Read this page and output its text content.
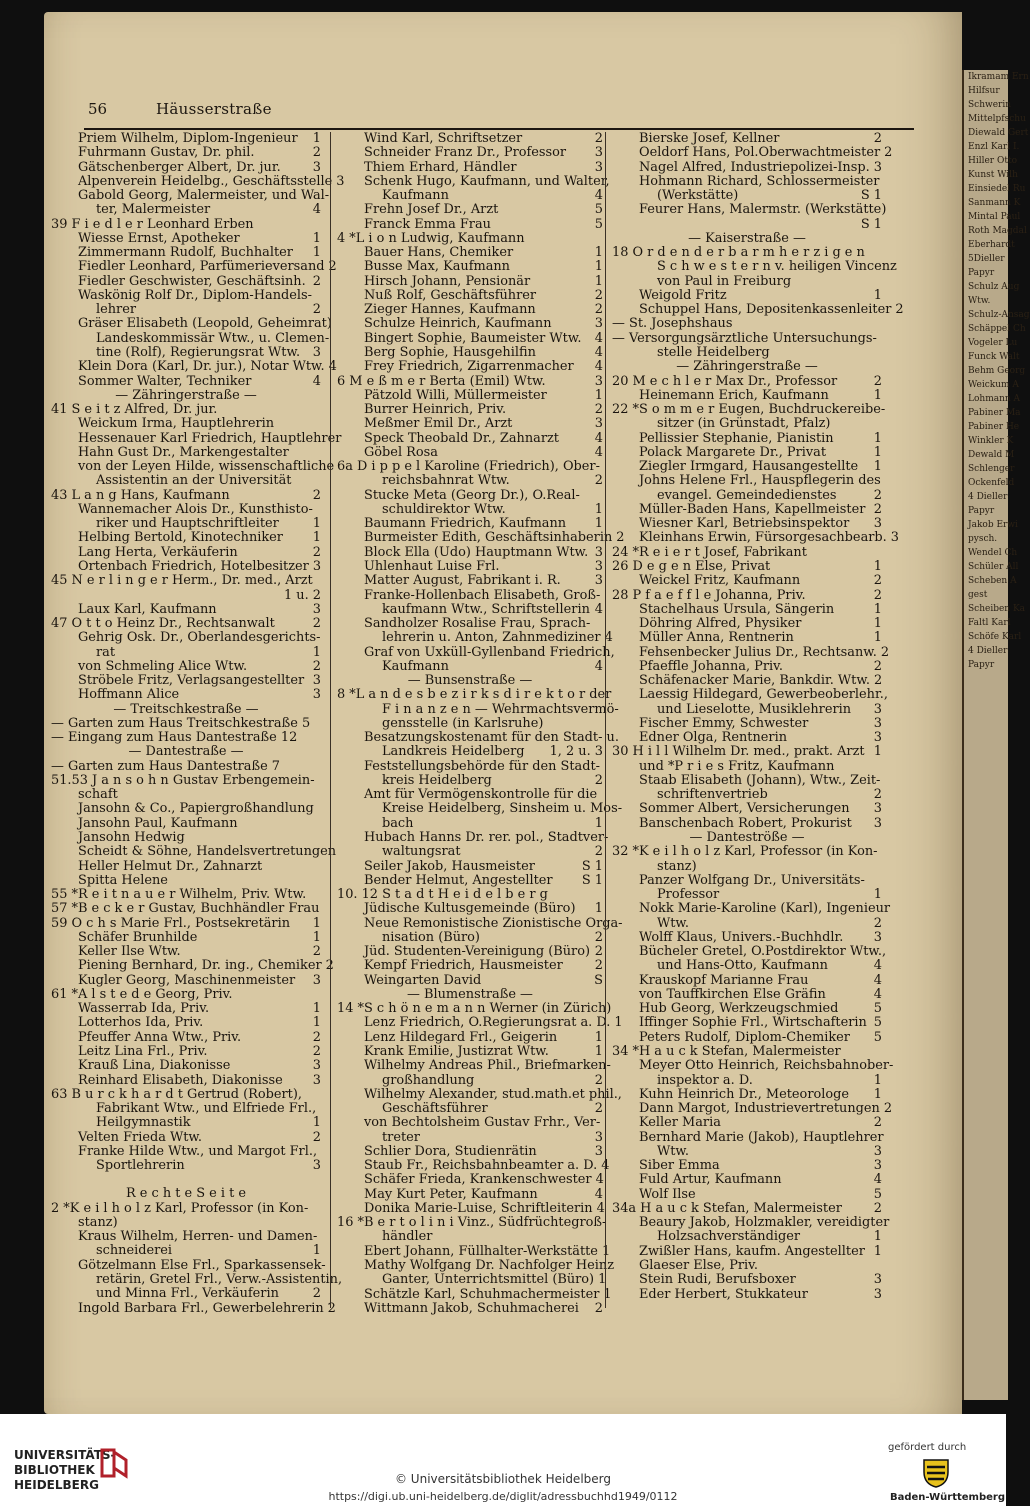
56	Häusserstraße
Priem Wilhelm, Diplom-Ingenieur	1
Fuhrmann Gustav, Dr. phil.	2
Gätschenberger Albert, Dr. jur.	3
Alpenverein Heidelbg., Geschäftsstelle 3
Gabold Georg, Malermeister, und Wal-
ter, Malermeister	4
39 F i e d l e r Leonhard Erben
Wiesse Ernst, Apotheker	1
Zimmermann Rudolf, Buchhalter	1
Fiedler Leonhard, Parfümerieversand 2
Fiedler Geschwister, Geschäftsinh. 2
Waskönig Rolf Dr., Diplom-Handels-
lehrer	2
Gräser Elisabeth (Leopold, Geheimrat)
Landeskommissär Wtw., u. Clemen-
tine (Rolf), Regierungsrat Wtw. 3
Klein Dora (Karl, Dr. jur.), Notar Wtw. 4
Sommer Walter, Techniker	4
— Zähringerstraße —
41 S e i t z Alfred, Dr. jur.
Weickum Irma, Hauptlehrerin
Hessenauer Karl Friedrich, Hauptlehrer
Hahn Gust Dr., Markengestalter
von der Leyen Hilde, wissenschaftliche
Assistentin an der Universität
43 L a n g Hans, Kaufmann	2
Wannemacher Alois Dr., Kunsthisto-
riker und Hauptschriftleiter	1
Helbing Bertold, Kinotechniker	1
Lang Herta, Verkäuferin	2
Ortenbach Friedrich, Hotelbesitzer 3
45 N e r l i n g e r Herm., Dr. med., Arzt
1 u. 2
Laux Karl, Kaufmann	3
47 O t t o Heinz Dr., Rechtsanwalt	2
Gehrig Osk. Dr., Oberlandesgerichts-
rat	1
von Schmeling Alice Wtw.	2
Ströbele Fritz, Verlagsangestellter 3
Hoffmann Alice	3
— Treitschkestraße —
— Garten zum Haus Treitschkestraße 5
— Eingang zum Haus Dantestraße 12
— Dantestraße —
— Garten zum Haus Dantestraße 7
51.53 J a n s o h n Gustav Erbengemein-
schaft
Jansohn & Co., Papiergroßhandlung
Jansohn Paul, Kaufmann
Jansohn Hedwig
Scheidt & Söhne, Handelsvertretungen
Heller Helmut Dr., Zahnarzt
Spitta Helene
55 *R e i t n a u e r Wilhelm, Priv. Wtw.
57 *B e c k e r Gustav, Buchhändler Frau
59 O c h s Marie Frl., Postsekretärin	1
Schäfer Brunhilde	1
Keller Ilse Wtw.	2
Piening Bernhard, Dr. ing., Chemiker 2
Kugler Georg, Maschinenmeister	3
61 *A l s t e d e Georg, Priv.
Wasserrab Ida, Priv.	1
Lotterhos Ida, Priv.	1
Pfeuffer Anna Wtw., Priv.	2
Leitz Lina Frl., Priv.	2
Krauß Lina, Diakonisse	3
Reinhard Elisabeth, Diakonisse	3
63 B u r c k h a r d t Gertrud (Robert),
Fabrikant Wtw., und Elfriede Frl.,
Heilgymnastik	1
Velten Frieda Wtw.	2
Franke Hilde Wtw., und Margot Frl.,
Sportlehrerin	3
R e c h t e S e i t e
2 *K e i l h o l z Karl, Professor (in Kon-
stanz)
Kraus Wilhelm, Herren- und Damen-
schneiderei	1
Götzelmann Else Frl., Sparkassensek-
retärin, Gretel Frl., Verw.-Assistentin,
und Minna Frl., Verkäuferin	2
Ingold Barbara Frl., Gewerbelehrerin 2
Wind Karl, Schriftsetzer	2
Schneider Franz Dr., Professor	3
Thiem Erhard, Händler	3
Schenk Hugo, Kaufmann, und Walter,
Kaufmann	4
Frehn Josef Dr., Arzt	5
Franck Emma Frau	5
4 *L i o n Ludwig, Kaufmann
Bauer Hans, Chemiker	1
Busse Max, Kaufmann	1
Hirsch Johann, Pensionär	1
Nuß Rolf, Geschäftsführer	2
Zieger Hannes, Kaufmann	2
Schulze Heinrich, Kaufmann	3
Bingert Sophie, Baumeister Wtw.	4
Berg Sophie, Hausgehilfin	4
Frey Friedrich, Zigarrenmacher	4
6 M e ß m e r Berta (Emil) Wtw.	3
Pätzold Willi, Müllermeister	1
Burrer Heinrich, Priv.	2
Meßmer Emil Dr., Arzt	3
Speck Theobald Dr., Zahnarzt	4
Göbel Rosa	4
6a D i p p e l Karoline (Friedrich), Ober-
reichsbahnrat Wtw.	2
Stucke Meta (Georg Dr.), O.Real-
schuldirektor Wtw.	1
Baumann Friedrich, Kaufmann	1
Burmeister Edith, Geschäftsinhaberin 2
Block Ella (Udo) Hauptmann Wtw. 3
Uhlenhaut Luise Frl.	3
Matter August, Fabrikant i. R.	3
Franke-Hollenbach Elisabeth, Groß-
kaufmann Wtw., Schriftstellerin 4
Sandholzer Rosalise Frau, Sprach-
lehrerin u. Anton, Zahnmediziner 4
Graf von Uxküll-Gyllenband Friedrich,
Kaufmann	4
— Bunsenstraße —
8 *L a n d e s b e z i r k s d i r e k t o r der
F i n a n z e n — Wehrmachtsvermö-
gensstelle (in Karlsruhe)
Besatzungskostenamt für den Stadt- u.
Landkreis Heidelberg	1, 2 u. 3
Feststellungsbehörde für den Stadt-
kreis Heidelberg	2
Amt für Vermögenskontrolle für die
Kreise Heidelberg, Sinsheim u. Mos-
bach	1
Hubach Hanns Dr. rer. pol., Stadtver-
waltungsrat	2
Seiler Jakob, Hausmeister	S 1
Bender Helmut, Angestellter	S 1
10. 12 S t a d t H e i d e l b e r g
Jüdische Kultusgemeinde (Büro)	1
Neue Remonistische Zionistische Orga-
nisation (Büro)	2
Jüd. Studenten-Vereinigung (Büro) 2
Kempf Friedrich, Hausmeister	2
Weingarten David	S
— Blumenstraße —
14 *S c h ö n e m a n n Werner (in Zürich)
Lenz Friedrich, O.Regierungsrat a. D. 1
Lenz Hildegard Frl., Geigerin	1
Krank Emilie, Justizrat Wtw.	1
Wilhelmy Andreas Phil., Briefmarken-
großhandlung	2
Wilhelmy Alexander, stud.math.et phil.,
Geschäftsführer	2
von Bechtolsheim Gustav Frhr., Ver-
treter	3
Schlier Dora, Studienrätin	3
Staub Fr., Reichsbahnbeamter a. D. 4
Schäfer Frieda, Krankenschwester 4
May Kurt Peter, Kaufmann	4
Donika Marie-Luise, Schriftleiterin 4
16 *B e r t o l i n i Vinz., Südfrüchtegroß-
händler
Ebert Johann, Füllhalter-Werkstätte 1
Mathy Wolfgang Dr. Nachfolger Heinz
Ganter, Unterrichtsmittel (Büro) 1
Schätzle Karl, Schuhmachermeister 1
Wittmann Jakob, Schuhmacherei	2
Bierske Josef, Kellner	2
Oeldorf Hans, Pol.Oberwachtmeister 2
Nagel Alfred, Industriepolizei-Insp. 3
Hohmann Richard, Schlossermeister
(Werkstätte)	S 1
Feurer Hans, Malermstr. (Werkstätte)
S 1
— Kaiserstraße —
18 O r d e n d e r b a r m h e r z i g e n
S c h w e s t e r n v. heiligen Vincenz
von Paul in Freiburg
Weigold Fritz	1
Schuppel Hans, Depositenkassenleiter 2
— St. Josephshaus
— Versorgungsärztliche Untersuchungs-
stelle Heidelberg
— Zähringerstraße —
20 M e c h l e r Max Dr., Professor	2
Heinemann Erich, Kaufmann	1
22 *S o m m e r Eugen, Buchdruckereibe-
sitzer (in Grünstadt, Pfalz)
Pellissier Stephanie, Pianistin	1
Polack Margarete Dr., Privat	1
Ziegler Irmgard, Hausangestellte	1
Johns Helene Frl., Hauspflegerin des
evangel. Gemeindedienstes	2
Müller-Baden Hans, Kapellmeister 2
Wiesner Karl, Betriebsinspektor	3
Kleinhans Erwin, Fürsorgesachbearb. 3
24 *R e i e r t Josef, Fabrikant
26 D e g e n Else, Privat	1
Weickel Fritz, Kaufmann	2
28 P f a e f f l e Johanna, Priv.	2
Stachelhaus Ursula, Sängerin	1
Döhring Alfred, Physiker	1
Müller Anna, Rentnerin	1
Fehsenbecker Julius Dr., Rechtsanw. 2
Pfaeffle Johanna, Priv.	2
Schäfenacker Marie, Bankdir. Wtw. 2
Laessig Hildegard, Gewerbeoberlehr.,
und Lieselotte, Musiklehrerin	3
Fischer Emmy, Schwester	3
Edner Olga, Rentnerin	3
30 H i l l Wilhelm Dr. med., prakt. Arzt 1
und *P r i e s Fritz, Kaufmann
Staab Elisabeth (Johann), Wtw., Zeit-
schriftenvertrieb	2
Sommer Albert, Versicherungen	3
Banschenbach Robert, Prokurist	3
— Danteströße —
32 *K e i l h o l z Karl, Professor (in Kon-
stanz)
Panzer Wolfgang Dr., Universitäts-
Professor	1
Nokk Marie-Karoline (Karl), Ingenieur
Wtw.	2
Wolff Klaus, Univers.-Buchhdlr.	3
Bücheler Gretel, O.Postdirektor Wtw.,
und Hans-Otto, Kaufmann	4
Krauskopf Marianne Frau	4
von Tauffkirchen Else Gräfin	4
Hub Georg, Werkzeugschmied	5
Iffinger Sophie Frl., Wirtschafterin 5
Peters Rudolf, Diplom-Chemiker	5
34 *H a u c k Stefan, Malermeister
Meyer Otto Heinrich, Reichsbahnober-
inspektor a. D.	1
Kuhn Heinrich Dr., Meteorologe	1
Dann Margot, Industrievertretungen 2
Keller Maria	2
Bernhard Marie (Jakob), Hauptlehrer
Wtw.	3
Siber Emma	3
Fuld Artur, Kaufmann	4
Wolf Ilse	5
34a H a u c k Stefan, Malermeister	2
Beaury Jakob, Holzmakler, vereidigter
Holzsachverständiger	1
Zwißler Hans, kaufm. Angestellter 1
Glaeser Else, Priv.
Stein Rudi, Berufsboxer	3
Eder Herbert, Stukkateur	3
Ikramam Ern
Hilfsur
Schwerin
Mittelpfschu
Diewald Gert
Enzl Karl I.
Hiller Otto
Kunst Wilh
Einsiedel Ru
Sanmann K
Mintal Paul
Roth Magdal
Eberhardt
5Dieller
Papyr
Schulz Aug
Wtw.
Schulz-Ansag
Schäppel Ch
Vogeler Lu
Funck Walt
Behm Georg
Weickum A
Lohmann A
Pabiner Ma
Pabiner He
Winkler K
Dewald M
Schlenger
Ockenfeld
4 Dieller
Papyr
Jakob Erwi
pysch.
Wendel Ch
Schüler All
Scheben A
gest
Scheiben Ka
Faltl Karl
Schöfe Karl
4 Dieller
Papyr
UNIVERSITÄTS-
BIBLIOTHEK
HEIDELBERG	© Universitätsbibliothek Heidelberg
https://digi.ub.uni-heidelberg.de/diglit/adressbuchhd1949/0112
gefördert durch
Baden-Württemberg
